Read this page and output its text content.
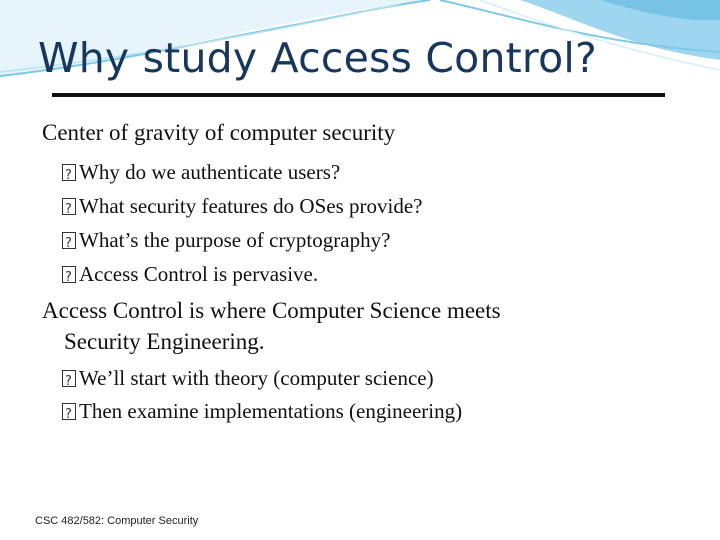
Why study Access Control?
Center of gravity of computer security
?Why do we authenticate users?
?What security features do OSes provide?
?What’s the purpose of cryptography?
?Access Control is pervasive.
Access Control is where Computer Science meets
Security Engineering.
?We’ll start with theory (computer science)
?Then examine implementations (engineering)
CSC 482/582: Computer Security
